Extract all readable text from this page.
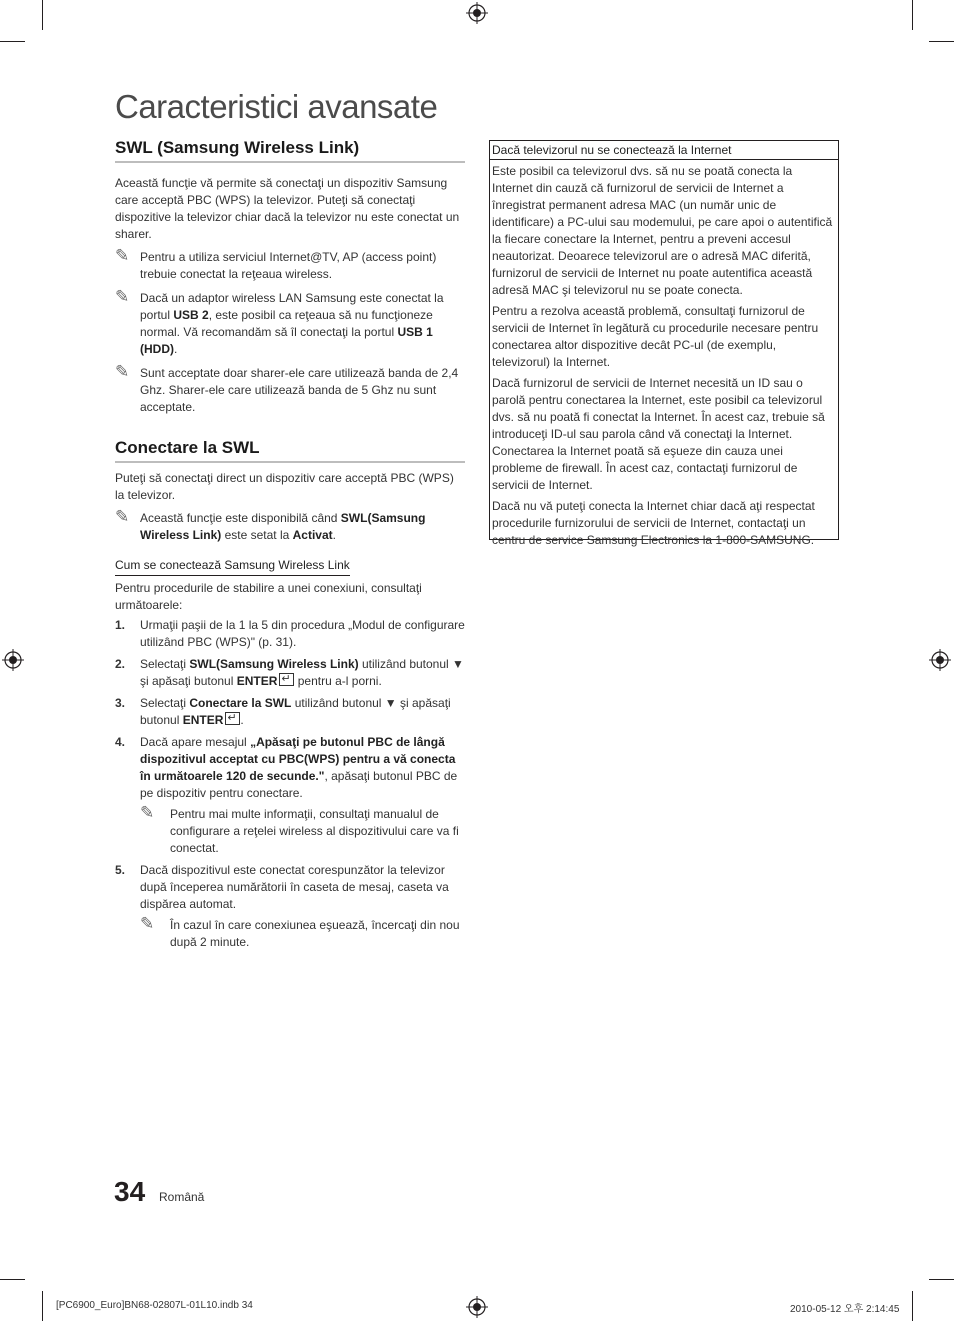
Caracteristici avansate
SWL (Samsung Wireless Link)

Această funcţie vă permite să conectaţi un dispozitiv Samsung care acceptă PBC (WPS) la televizor. Puteţi să conectaţi dispozitive la televizor chiar dacă la televizor nu este conectat un sharer.

✎ Pentru a utiliza serviciul Internet@TV, AP (access point) trebuie conectat la reţeaua wireless.
✎ Dacă un adaptor wireless LAN Samsung este conectat la portul USB 2, este posibil ca reţeaua să nu funcţioneze normal. Vă recomandăm să îl conectaţi la portul USB 1 (HDD).
✎ Sunt acceptate doar sharer-ele care utilizează banda de 2,4 Ghz. Sharer-ele care utilizează banda de 5 Ghz nu sunt acceptate.
Conectare la SWL

Puteţi să conectaţi direct un dispozitiv care acceptă PBC (WPS) la televizor.

✎ Această funcţie este disponibilă când SWL(Samsung Wireless Link) este setat la Activat.
Cum se conectează Samsung Wireless Link

Pentru procedurile de stabilire a unei conexiuni, consultaţi următoarele:

1. Urmaţii paşii de la 1 la 5 din procedura „Modul de configurare utilizând PBC (WPS)" (p. 31).
2. Selectaţi SWL(Samsung Wireless Link) utilizând butonul ▼ şi apăsaţi butonul ENTER↵ pentru a-l porni.
3. Selectaţi Conectare la SWL utilizând butonul ▼ şi apăsaţi butonul ENTER↵ .
4. Dacă apare mesajul „Apăsaţi pe butonul PBC de lângă dispozitivul acceptat cu PBC(WPS) pentru a vă conecta în următoarele 120 de secunde.", apăsaţi butonul PBC de pe dispozitiv pentru conectare.
✎ Pentru mai multe informaţii, consultaţi manualul de configurare a reţelei wireless al dispozitivului care va fi conectat.
5. Dacă dispozitivul este conectat corespunzător la televizor după începerea numărătorii în caseta de mesaj, caseta va dispărea automat.
✎ În cazul în care conexiunea eşuează, încercaţi din nou după 2 minute.
Dacă televizorul nu se conectează la Internet

Este posibil ca televizorul dvs. să nu se poată conecta la Internet din cauză că furnizorul de servicii de Internet a înregistrat permanent adresa MAC (un număr unic de identificare) a PC-ului sau modemului, pe care apoi o autentifică la fiecare conectare la Internet, pentru a preveni accesul neautorizat. Deoarece televizorul are o adresă MAC diferită, furnizorul de servicii de Internet nu poate autentifica această adresă MAC şi televizorul nu se poate conecta.

Pentru a rezolva această problemă, consultaţi furnizorul de servicii de Internet în legătură cu procedurile necesare pentru conectarea altor dispozitive decât PC-ul (de exemplu, televizorul) la Internet.

Dacă furnizorul de servicii de Internet necesită un ID sau o parolă pentru conectarea la Internet, este posibil ca televizorul dvs. să nu poată fi conectat la Internet. În acest caz, trebuie să introduceţi ID-ul sau parola când vă conectaţi la Internet. Conectarea la Internet poată să eşueze din cauza unei probleme de firewall. În acest caz, contactaţi furnizorul de servicii de Internet.

Dacă nu vă puteţi conecta la Internet chiar dacă aţi respectat procedurile furnizorului de servicii de Internet, contactaţi un centru de service Samsung Electronics la 1-800-SAMSUNG.

34 Română
[PC6900_Euro]BN68-02807L-01L10.indb 34	2010-05-12 오후 2:14:45
